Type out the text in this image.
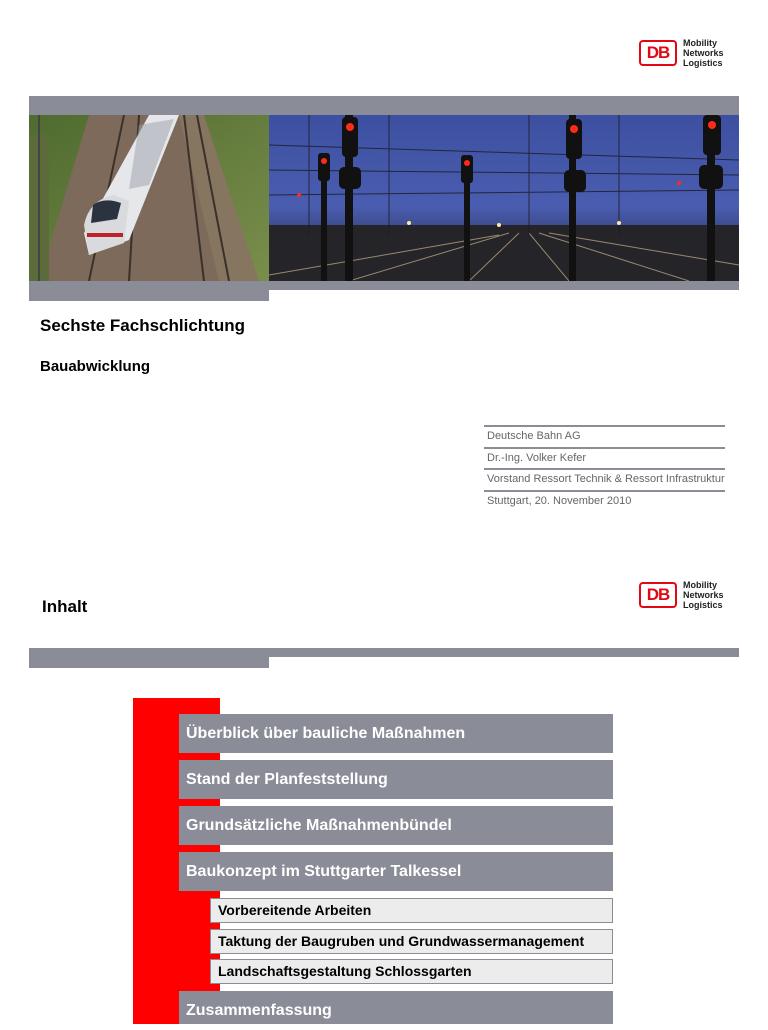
DB Mobility
Networks
Logistics
Sechste Fachschlichtung
Bauabwicklung
Deutsche Bahn AG
Dr.-Ing. Volker Kefer
Vorstand Ressort Technik & Ressort Infrastruktur
Stuttgart, 20. November 2010
DB Mobility
Networks
Logistics
Inhalt
Überblick über bauliche Maßnahmen
Stand der Planfeststellung
Grundsätzliche Maßnahmenbündel
Baukonzept im Stuttgarter Talkessel
Vorbereitende Arbeiten
Taktung der Baugruben und Grundwassermanagement
Landschaftsgestaltung Schlossgarten
Zusammenfassung
